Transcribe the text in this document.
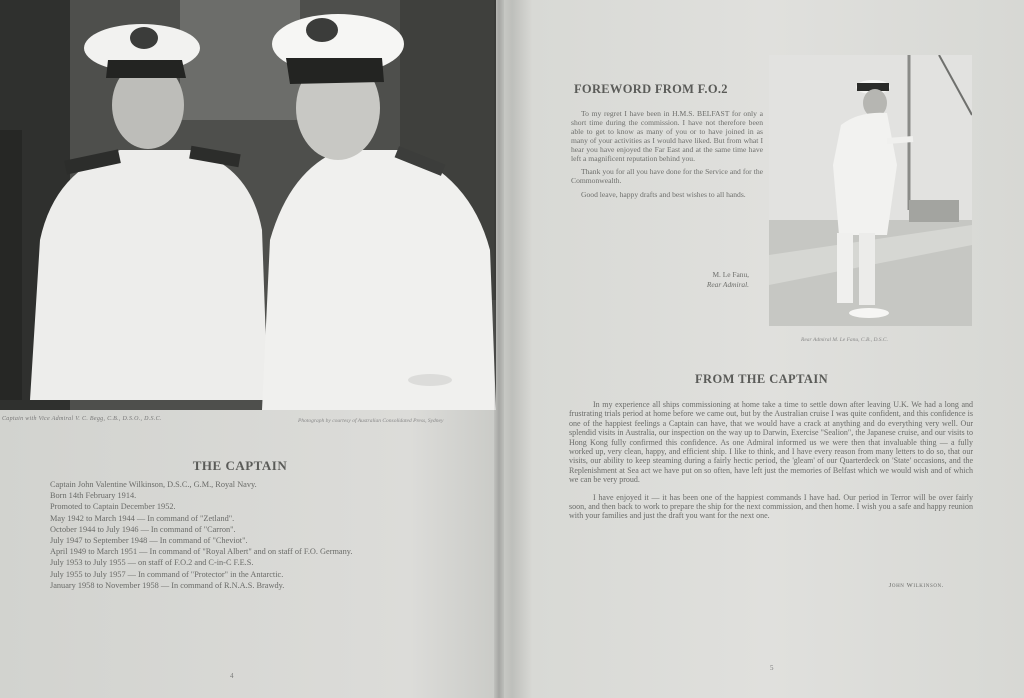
Captain with Vice Admiral V. C. Begg, C.B., D.S.O., D.S.C.	Photograph by courtesy of Australian Consolidated Press, Sydney
THE CAPTAIN
Captain John Valentine Wilkinson, D.S.C., G.M., Royal Navy.
Born 14th February 1914.
Promoted to Captain December 1952.
May 1942 to March 1944 — In command of "Zetland".
October 1944 to July 1946 — In command of "Carron".
July 1947 to September 1948 — In command of "Cheviot".
April 1949 to March 1951 — In command of "Royal Albert" and on staff of F.O. Germany.
July 1953 to July 1955 — on staff of F.O.2 and C-in-C F.E.S.
July 1955 to July 1957 — In command of "Protector" in the Antarctic.
January 1958 to November 1958 — In command of R.N.A.S. Brawdy.
4
FOREWORD FROM F.O.2

To my regret I have been in H.M.S. BELFAST for only a short time during the commission. I have not therefore been able to get to know as many of you or to have joined in as many of your activities as I would have liked. But from what I hear you have enjoyed the Far East and at the same time have left a magnificent reputation behind you.

Thank you for all you have done for the Service and for the Commonwealth.

Good leave, happy drafts and best wishes to all hands.

M. Le Fanu,
Rear Admiral.
Rear Admiral M. Le Fanu, C.B., D.S.C.
FROM THE CAPTAIN

In my experience all ships commissioning at home take a time to settle down after leaving U.K. We had a long and frustrating trials period at home before we came out, but by the Australian cruise I was quite confident, and this confidence is one of the happiest feelings a Captain can have, that we would have a crack at anything and do everything very well. Our splendid visits in Australia, our inspection on the way up to Darwin, Exercise "Sealion", the Japanese cruise, and our visits to Hong Kong fully confirmed this confidence. As one Admiral informed us we were then that invaluable thing — a fully worked up, very clean, happy, and efficient ship. I like to think, and I have every reason from many letters to do so, that our visits, our ability to keep steaming during a fairly hectic period, the 'gleam' of our Quarterdeck on 'State' occasions, and the Replenishment at Sea act we have put on so often, have left just the memories of Belfast which we would wish and of which we can be very proud.

I have enjoyed it — it has been one of the happiest commands I have had. Our period in Terror will be over fairly soon, and then back to work to prepare the ship for the next commission, and then home. I wish you a safe and happy reunion with your families and just the draft you want for the next one.

John Wilkinson.
5
